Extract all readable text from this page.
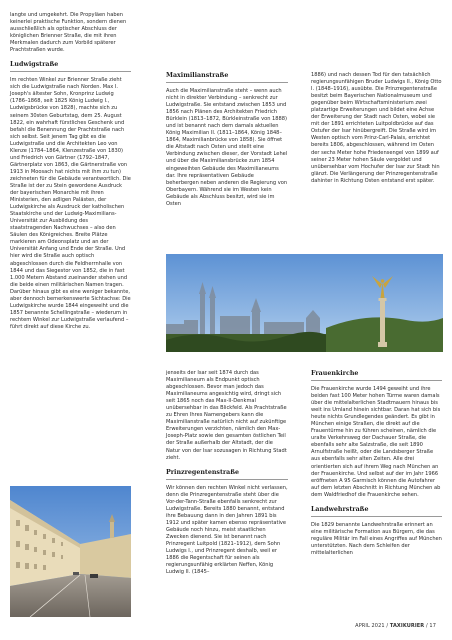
langte und umgekehrt. Die Propyläen haben keinerlei praktische Funktion, sondern dienen ausschließlich als optischer Abschluss der königlichen Brienner Straße, die mit ihren Merkmalen dadurch zum Vorbild späterer Prachtstraßen wurde.

Ludwigstraße

Im rechten Winkel zur Brienner Straße zieht sich die Ludwigstraße nach Norden. Max I. Joseph's ältester Sohn, Kronprinz Ludwig (1786–1868, seit 1825 König Ludwig I., Ludwigsbrücke von 1828), machte sich zu seinem 30sten Geburtstag, dem 25. August 1822, ein wahrhaft fürstliches Geschenk und befahl die Benennung der Prachtstraße nach sich selbst. Seit jenem Tag gibt es die Ludwigstraße und die Architekten Leo von Klenze (1784–1864, Klenzestraße von 1830) und Friedrich von Gärtner (1792–1847, Gärtnerplatz von 1863, die Gärtnerstraße von 1913 in Moosach hat nichts mit ihm zu tun) zeichneten für die Gebäude verantwortlich. Die Straße ist der zu Stein gewordene Ausdruck der bayerischen Monarchie mit ihren Ministerien, den adligen Palästen, der Ludwigskirche als Ausdruck der katholischen Staatskirche und der Ludwig-Maximilians-Universität zur Ausbildung des staatstragenden Nachwuchses – also den Säulen des Königreiches. Breite Plätze markieren am Odeonsplatz und an der Universität Anfang und Ende der Straße. Und hier wird die Straße auch optisch abgeschlossen durch die Feldherrnhalle von 1844 und das Siegestor von 1852, die in fast 1.000 Metern Abstand zueinander stehen und die beide einen militärischen Namen tragen. Darüber hinaus gibt es eine weniger bekannte, aber dennoch bemerkenswerte Sichtachse: Die Ludwigskirche wurde 1844 eingeweiht und die 1857 benannte Schellingstraße – wiederum in rechtem Winkel zur Ludwigstraße verlaufend – führt direkt auf diese Kirche zu.

Maximilianstraße

Auch die Maximilianstraße steht – wenn auch nicht in direkter Verbindung – senkrecht zur Ludwigstraße. Sie entstand zwischen 1853 und 1856 nach Plänen des Architekten Friedrich Bürklein (1813–1872, Bürkleinstraße von 1888) und ist benannt nach dem damals aktuellen König Maximilian II. (1811–1864, König 1848–1864, Maximilianbrücke von 1858). Sie öffnet die Altstadt nach Osten und stellt eine Verbindung zwischen dieser, der Vorstadt Lehel und über die Maximiliansbrücke zum 1854 eingeweihten Gebäude des Maximilianeums dar. Ihre repräsentativen Gebäude beherbergen neben anderen die Regierung von Oberbayern. Während sie im Westen kein Gebäude als Abschluss besitzt, wird sie im Osten

jenseits der Isar seit 1874 durch das Maximilianeum als Endpunkt optisch abgeschlossen. Bevor man jedoch das Maximilianeums angesichtig wird, dringt sich seit 1865 noch das Max-II-Denkmal unübersehbar in das Blickfeld. Als Prachtstraße zu Ehren Ihres Namengebers kann die Maximilianstraße natürlich nicht auf zukünftige Erweiterungen verzichten, nämlich den Max-Joseph-Platz sowie den gesamten östlichen Teil der Straße außerhalb der Altstadt, der die Natur von der Isar sozusagen in Richtung Stadt zieht.

Prinzregentenstraße

Wir können den rechten Winkel nicht verlassen, denn die Prinzregentenstraße steht über die Vor-der-Tann-Straße ebenfalls senkrecht zur Ludwigstraße. Bereits 1880 benannt, entstand ihre Bebauung dann in den Jahren 1891 bis 1912 und später kamen ebenso repräsentative Gebäude noch hinzu, meist staatlichen Zwecken dienend. Sie ist benannt nach Prinzregent Luitpold (1821–1912), dem Sohn Ludwigs I., und Prinzregent deshalb, weil er 1886 die Regentschaft für seinen als regierungsunfähig erklärten Neffen, König Ludwig II. (1845–

1886) und nach dessen Tod für den tatsächlich regierungsunfähigen Bruder Ludwigs II., König Otto I. (1848–1916), ausübte. Die Prinzregentenstraße besitzt beim Bayerischen Nationalmuseum und gegenüber beim Wirtschaftsministerium zwei platzartige Erweiterungen und bildet eine Achse der Erweiterung der Stadt nach Osten, wobei sie mit der 1891 errichteten Luitpoldbrücke auf das Ostufer der Isar hinübergreift. Die Straße wird im Westen optisch vom Prinz-Carl-Palais, errichtet bereits 1806, abgeschlossen, während im Osten der sechs Meter hohe Friedensengel von 1899 auf seiner 23 Meter hohen Säule vergoldet und unübersehbar vom Hochufer der Isar zur Stadt hin glänzt. Die Verlängerung der Prinzregentenstraße dahinter in Richtung Osten entstand erst später.

Frauenkirche

Die Frauenkirche wurde 1494 geweiht und ihre beiden fast 100 Meter hohen Türme waren damals über die mittelalterlichen Stadtmauern hinaus bis weit ins Umland hinein sichtbar. Daran hat sich bis heute nichts Grundlegendes geändert. Es gibt in München einige Straßen, die direkt auf die Frauentürme hin zu führen scheinen, nämlich die uralte Verkehrsweg der Dachauer Straße, die ebenfalls sehr alte Salzstraße, die seit 1890 Arnulfstraße heißt, oder die Landsberger Straße aus ebenfalls sehr alten Zeiten. Alle drei orientierten sich auf ihrem Weg nach München an der Frauenkirche. Und selbst auf der im Jahr 1966 eröffneten A 95 Garmisch können die Autofahrer auf dem letzten Abschnitt in Richtung München ab dem Waldfriedhof die Frauenkirche sehen.

Landwehrstraße

Die 1829 benannte Landwehrstraße erinnert an eine militärische Formation aus Bürgern, die das reguläre Militär im Fall eines Angriffes auf München unterstützten. Nach dem Schleifen der mittelalterlichen

APRIL 2021 / TAXIKURIER / 17
